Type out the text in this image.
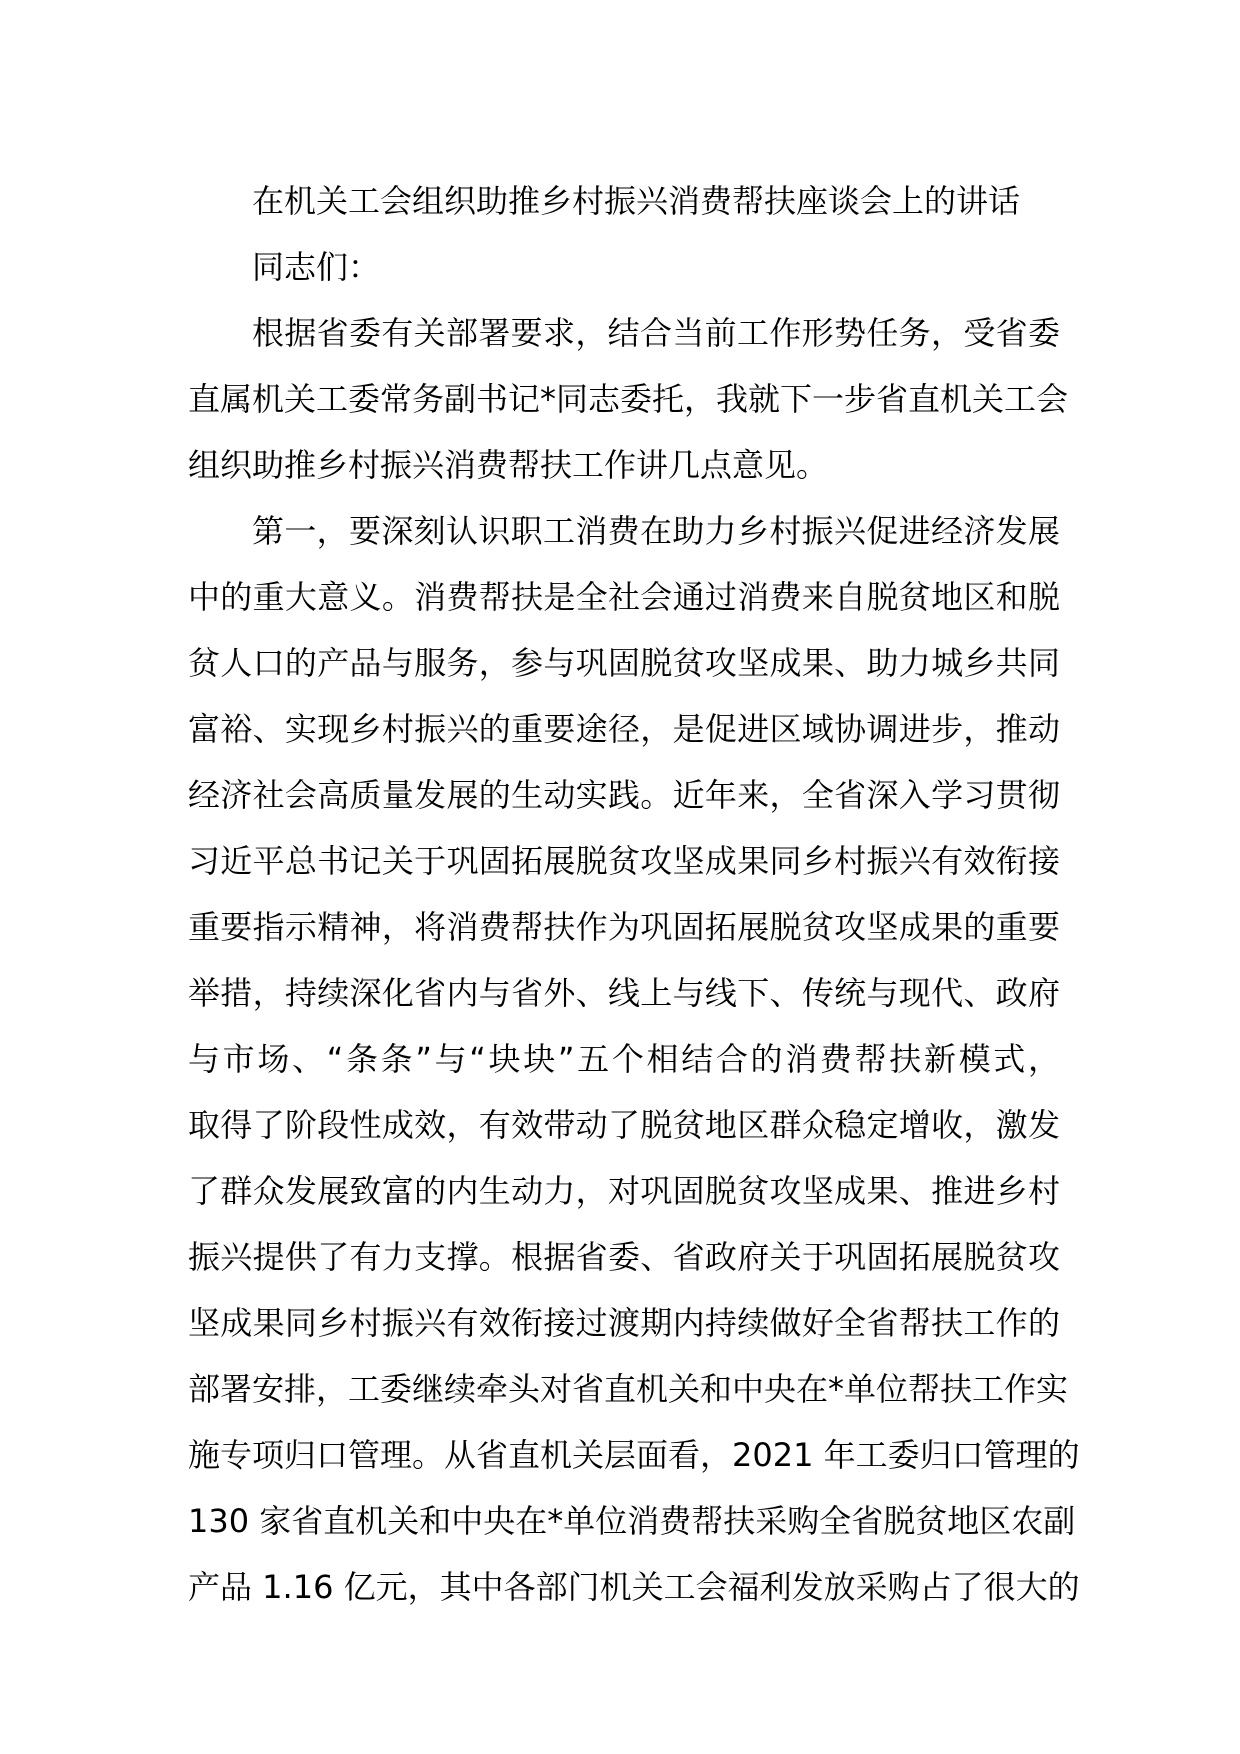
在机关工会组织助推乡村振兴消费帮扶座谈会上的讲话
同志们：
根据省委有关部署要求，结合当前工作形势任务，受省委
直属机关工委常务副书记*同志委托，我就下一步省直机关工会
组织助推乡村振兴消费帮扶工作讲几点意见。
第一，要深刻认识职工消费在助力乡村振兴促进经济发展
中的重大意义。消费帮扶是全社会通过消费来自脱贫地区和脱
贫人口的产品与服务，参与巩固脱贫攻坚成果、助力城乡共同
富裕、实现乡村振兴的重要途径，是促进区域协调进步，推动
经济社会高质量发展的生动实践。近年来，全省深入学习贯彻
习近平总书记关于巩固拓展脱贫攻坚成果同乡村振兴有效衔接
重要指示精神，将消费帮扶作为巩固拓展脱贫攻坚成果的重要
举措，持续深化省内与省外、线上与线下、传统与现代、政府
与市场、“条条”与“块块”五个相结合的消费帮扶新模式，
取得了阶段性成效，有效带动了脱贫地区群众稳定增收，激发
了群众发展致富的内生动力，对巩固脱贫攻坚成果、推进乡村
振兴提供了有力支撑。根据省委、省政府关于巩固拓展脱贫攻
坚成果同乡村振兴有效衔接过渡期内持续做好全省帮扶工作的
部署安排，工委继续牵头对省直机关和中央在*单位帮扶工作实
施专项归口管理。从省直机关层面看，2021 年工委归口管理的
130 家省直机关和中央在*单位消费帮扶采购全省脱贫地区农副
产品 1.16 亿元，其中各部门机关工会福利发放采购占了很大的
